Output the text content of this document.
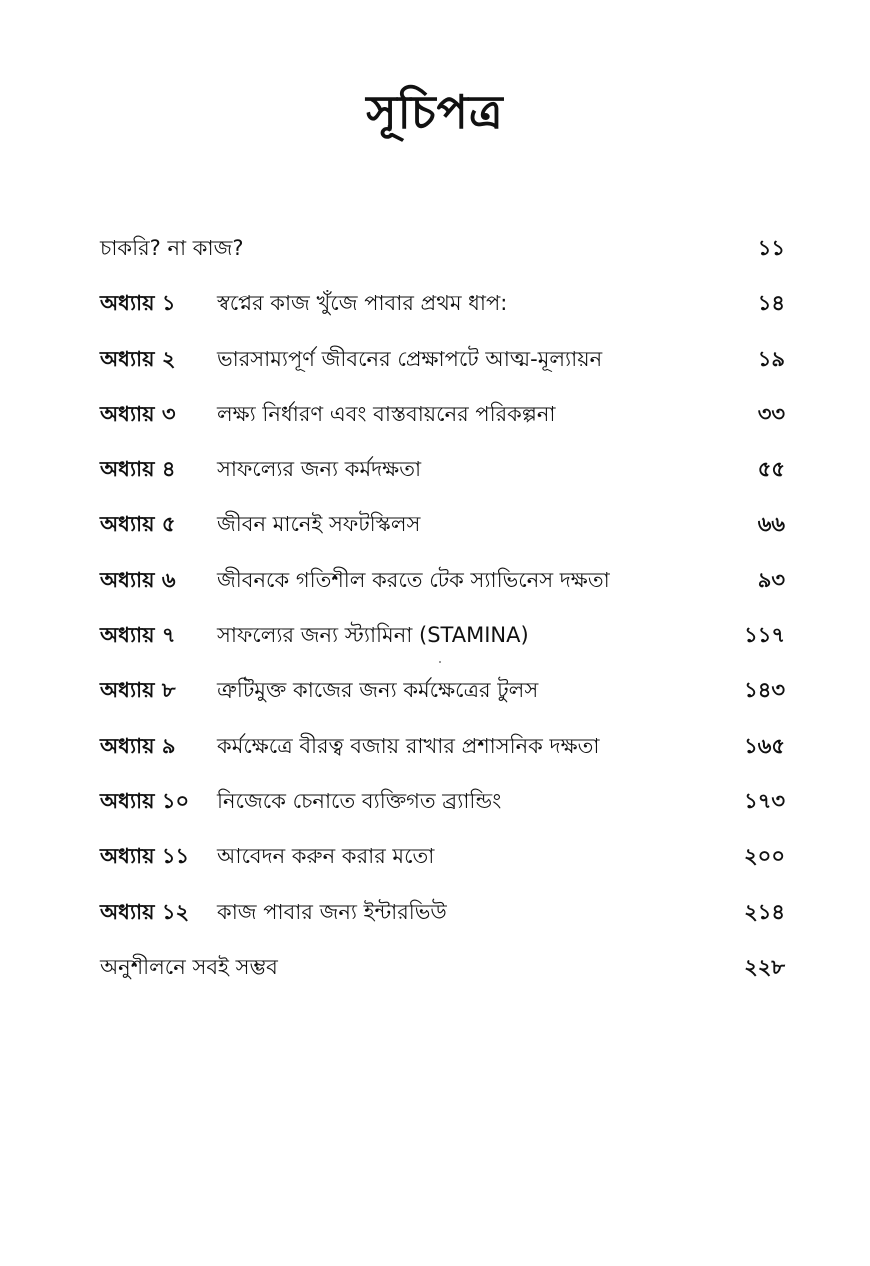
সূচিপত্র
চাকরি? না কাজ?	১১
অধ্যায় ১ স্বপ্নের কাজ খুঁজে পাবার প্রথম ধাপ:	১৪
অধ্যায় ২ ভারসাম্যপূর্ণ জীবনের প্রেক্ষাপটে আত্ম-মূল্যায়ন	১৯
অধ্যায় ৩ লক্ষ্য নির্ধারণ এবং বাস্তবায়নের পরিকল্পনা	৩৩
অধ্যায় ৪ সাফল্যের জন্য কর্মদক্ষতা	৫৫
অধ্যায় ৫ জীবন মানেই সফটস্কিলস	৬৬
অধ্যায় ৬ জীবনকে গতিশীল করতে টেক স্যাভিনেস দক্ষতা	৯৩
অধ্যায় ৭ সাফল্যের জন্য স্ট্যামিনা (STAMINA)	১১৭
অধ্যায় ৮ ত্রুটিমুক্ত কাজের জন্য কর্মক্ষেত্রের টুলস	১৪৩
অধ্যায় ৯ কর্মক্ষেত্রে বীরত্ব বজায় রাখার প্রশাসনিক দক্ষতা	১৬৫
অধ্যায় ১০ নিজেকে চেনাতে ব্যক্তিগত ব্র্যান্ডিং	১৭৩
অধ্যায় ১১ আবেদন করুন করার মতো	২০০
অধ্যায় ১২ কাজ পাবার জন্য ইন্টারভিউ	২১৪
অনুশীলনে সবই সম্ভব	২২৮
